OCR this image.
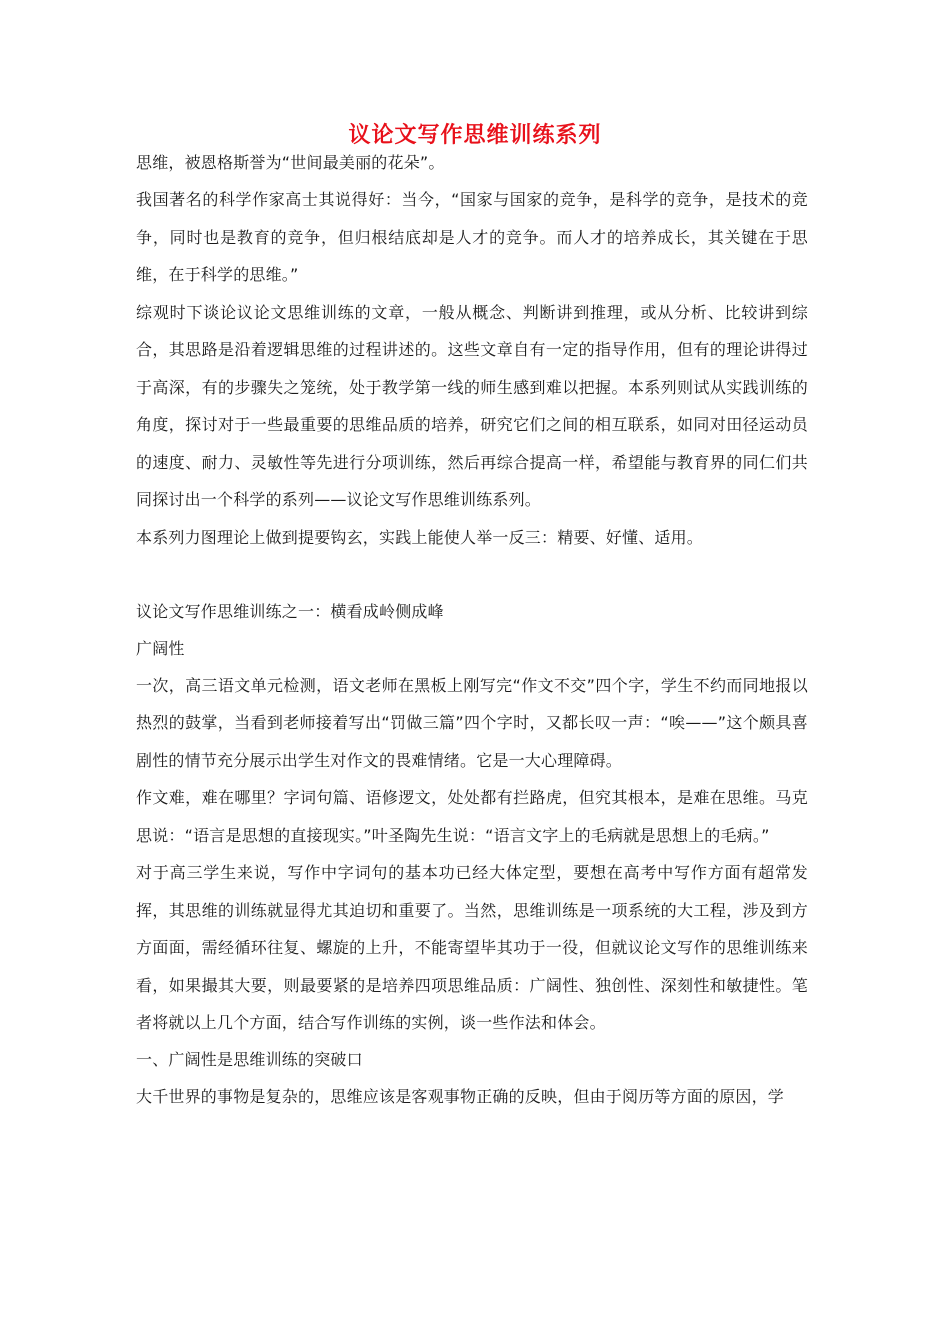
议论文写作思维训练系列

思维，被恩格斯誉为“世间最美丽的花朵”。

我国著名的科学作家高士其说得好：当今，“国家与国家的竞争，是科学的竞争，是技术的竞争，同时也是教育的竞争，但归根结底却是人才的竞争。而人才的培养成长，其关键在于思维，在于科学的思维。”

综观时下谈论议论文思维训练的文章，一般从概念、判断讲到推理，或从分析、比较讲到综合，其思路是沿着逻辑思维的过程讲述的。这些文章自有一定的指导作用，但有的理论讲得过于高深，有的步骤失之笼统，处于教学第一线的师生感到难以把握。本系列则试从实践训练的角度，探讨对于一些最重要的思维品质的培养，研究它们之间的相互联系，如同对田径运动员的速度、耐力、灵敏性等先进行分项训练，然后再综合提高一样，希望能与教育界的同仁们共同探讨出一个科学的系列——议论文写作思维训练系列。

本系列力图理论上做到提要钩玄，实践上能使人举一反三：精要、好懂、适用。

议论文写作思维训练之一：横看成岭侧成峰

广阔性

一次，高三语文单元检测，语文老师在黑板上刚写完“作文不交”四个字，学生不约而同地报以热烈的鼓掌，当看到老师接着写出“罚做三篇”四个字时，又都长叹一声：“唉——”这个颇具喜剧性的情节充分展示出学生对作文的畏难情绪。它是一大心理障碍。

作文难，难在哪里？字词句篇、语修逻文，处处都有拦路虎，但究其根本，是难在思维。马克思说：“语言是思想的直接现实。”叶圣陶先生说：“语言文字上的毛病就是思想上的毛病。”

对于高三学生来说，写作中字词句的基本功已经大体定型，要想在高考中写作方面有超常发挥，其思维的训练就显得尤其迫切和重要了。当然，思维训练是一项系统的大工程，涉及到方方面面，需经循环往复、螺旋的上升，不能寄望毕其功于一役，但就议论文写作的思维训练来看，如果撮其大要，则最要紧的是培养四项思维品质：广阔性、独创性、深刻性和敏捷性。笔者将就以上几个方面，结合写作训练的实例，谈一些作法和体会。

一、广阔性是思维训练的突破口

大千世界的事物是复杂的，思维应该是客观事物正确的反映，但由于阅历等方面的原因，学
